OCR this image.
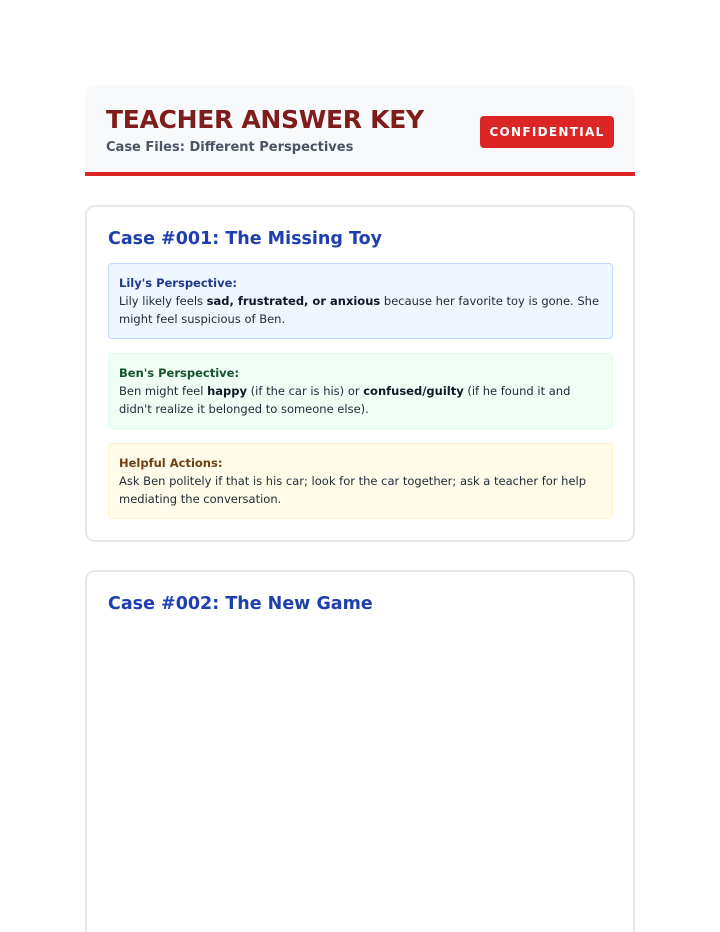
TEACHER ANSWER KEY
Case Files: Different Perspectives
CONFIDENTIAL
Case #001: The Missing Toy
Lily's Perspective:
Lily likely feels sad, frustrated, or anxious because her favorite toy is gone. She might feel suspicious of Ben.
Ben's Perspective:
Ben might feel happy (if the car is his) or confused/guilty (if he found it and didn't realize it belonged to someone else).
Helpful Actions:
Ask Ben politely if that is his car; look for the car together; ask a teacher for help mediating the conversation.
Case #002: The New Game
